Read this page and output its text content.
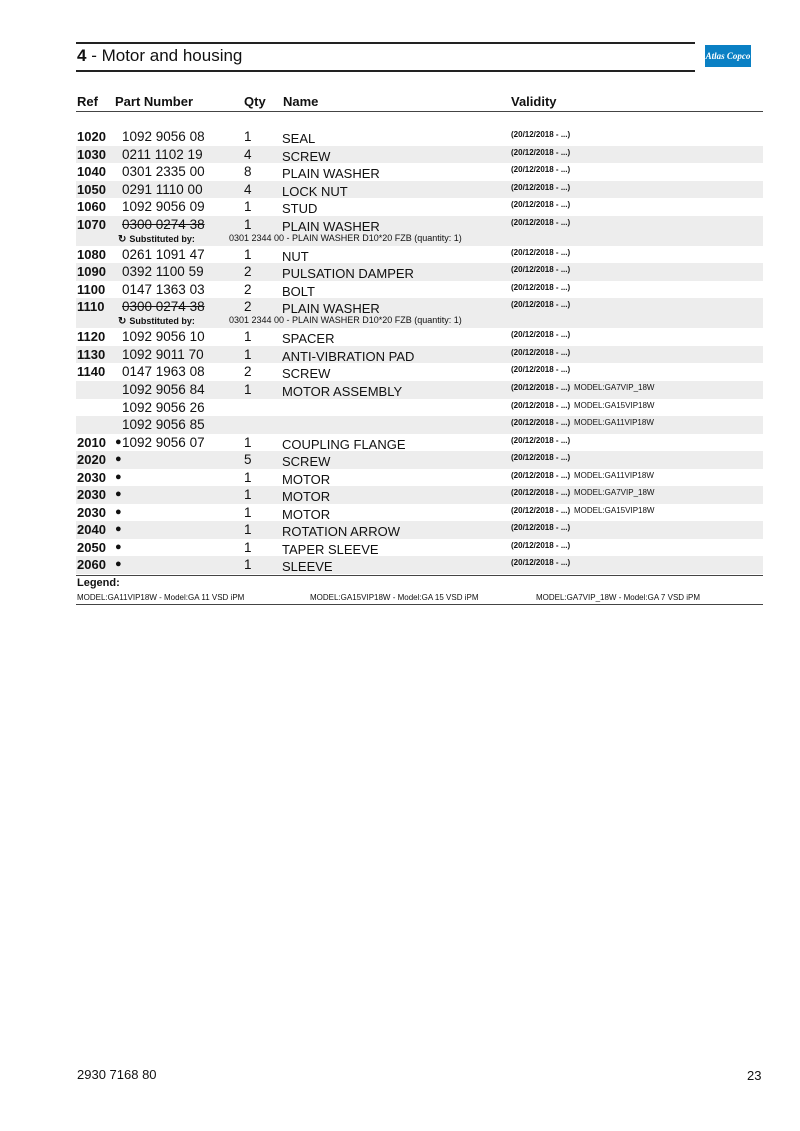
4 - Motor and housing	Atlas Copco
Ref Part Number	Qty Name	Validity
1020 1092 9056 08	1 SEAL	(20/12/2018 - ...)
1030 0211 1102 19	4 SCREW	(20/12/2018 - ...)
1040 0301 2335 00	8 PLAIN WASHER	(20/12/2018 - ...)
1050 0291 1110 00	4 LOCK NUT	(20/12/2018 - ...)
1060 1092 9056 09	1 STUD	(20/12/2018 - ...)
1070 0300 0274 38	1 PLAIN WASHER	(20/12/2018 - ...)
↻ Substituted by:	0301 2344 00 - PLAIN WASHER D10*20 FZB (quantity: 1)
1080 0261 1091 47	1 NUT	(20/12/2018 - ...)
1090 0392 1100 59	2 PULSATION DAMPER	(20/12/2018 - ...)
1100 0147 1363 03	2 BOLT	(20/12/2018 - ...)
1110 0300 0274 38	2 PLAIN WASHER	(20/12/2018 - ...)
↻ Substituted by:	0301 2344 00 - PLAIN WASHER D10*20 FZB (quantity: 1)
1120 1092 9056 10	1 SPACER	(20/12/2018 - ...)
1130 1092 9011 70	1 ANTI-VIBRATION PAD	(20/12/2018 - ...)
1140 0147 1963 08	2 SCREW	(20/12/2018 - ...)
1092 9056 84	1 MOTOR ASSEMBLY	(20/12/2018 - ...) MODEL:GA7VIP_18W
1092 9056 26	(20/12/2018 - ...) MODEL:GA15VIP18W
1092 9056 85	(20/12/2018 - ...) MODEL:GA11VIP18W
2010 ● 1092 9056 07	1 COUPLING FLANGE	(20/12/2018 - ...)
2020 ●	5 SCREW	(20/12/2018 - ...)
2030 ●	1 MOTOR	(20/12/2018 - ...) MODEL:GA11VIP18W
2030 ●	1 MOTOR	(20/12/2018 - ...) MODEL:GA7VIP_18W
2030 ●	1 MOTOR	(20/12/2018 - ...) MODEL:GA15VIP18W
2040 ●	1 ROTATION ARROW	(20/12/2018 - ...)
2050 ●	1 TAPER SLEEVE	(20/12/2018 - ...)
2060 ●	1 SLEEVE	(20/12/2018 - ...)
Legend:
MODEL:GA11VIP18W - Model:GA 11 VSD iPM	MODEL:GA15VIP18W - Model:GA 15 VSD iPM	MODEL:GA7VIP_18W - Model:GA 7 VSD iPM
2930 7168 80	23
